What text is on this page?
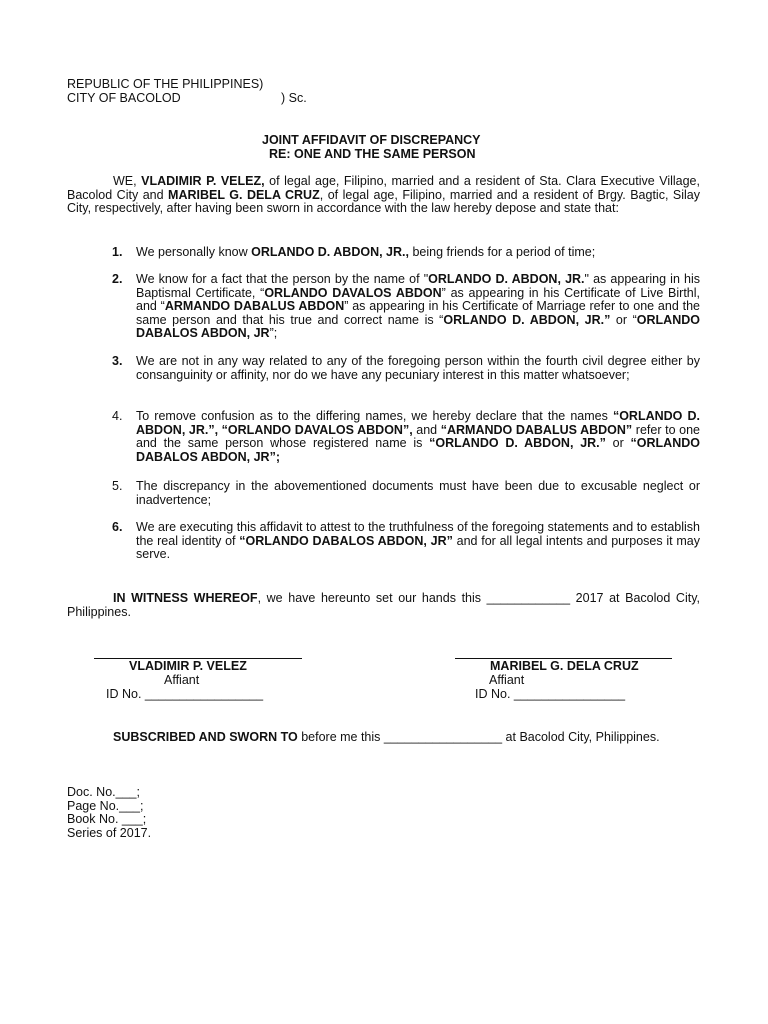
REPUBLIC OF THE PHILIPPINES)
CITY OF BACOLOD	) Sc.
JOINT AFFIDAVIT OF DISCREPANCY
RE: ONE AND THE SAME PERSON
WE, VLADIMIR P. VELEZ, of legal age, Filipino, married and a resident of Sta. Clara Executive Village, Bacolod City and MARIBEL G. DELA CRUZ, of legal age, Filipino, married and a resident of Brgy. Bagtic, Silay City, respectively, after having been sworn in accordance with the law hereby depose and state that:
1.	We personally know ORLANDO D. ABDON, JR., being friends for a period of time;
2.	We know for a fact that the person by the name of "ORLANDO D. ABDON, JR." as appearing in his Baptismal Certificate, “ORLANDO DAVALOS ABDON” as appearing in his Certificate of Live Birthl, and “ARMANDO DABALUS ABDON” as appearing in his Certificate of Marriage refer to one and the same person and that his true and correct name is “ORLANDO D. ABDON, JR.” or “ORLANDO DABALOS ABDON, JR”;
3.	We are not in any way related to any of the foregoing person within the fourth civil degree either by consanguinity or affinity, nor do we have any pecuniary interest in this matter whatsoever;
4.	To remove confusion as to the differing names, we hereby declare that the names “ORLANDO D. ABDON, JR.”, “ORLANDO DAVALOS ABDON”, and “ARMANDO DABALUS ABDON” refer to one and the same person whose registered name is “ORLANDO D. ABDON, JR.” or “ORLANDO DABALOS ABDON, JR”;
5.	The discrepancy in the abovementioned documents must have been due to excusable neglect or inadvertence;
6.	We are executing this affidavit to attest to the truthfulness of the foregoing statements and to establish the real identity of “ORLANDO DABALOS ABDON, JR” and for all legal intents and purposes it may serve.
IN WITNESS WHEREOF, we have hereunto set our hands this ____________ 2017 at Bacolod City, Philippines.
VLADIMIR P. VELEZ
Affiant
ID No. _________________
MARIBEL G. DELA CRUZ
Affiant
ID No. ________________
SUBSCRIBED AND SWORN TO before me this _________________ at Bacolod City, Philippines.
Doc. No.___;
Page No.___;
Book No. ___;
Series of 2017.
